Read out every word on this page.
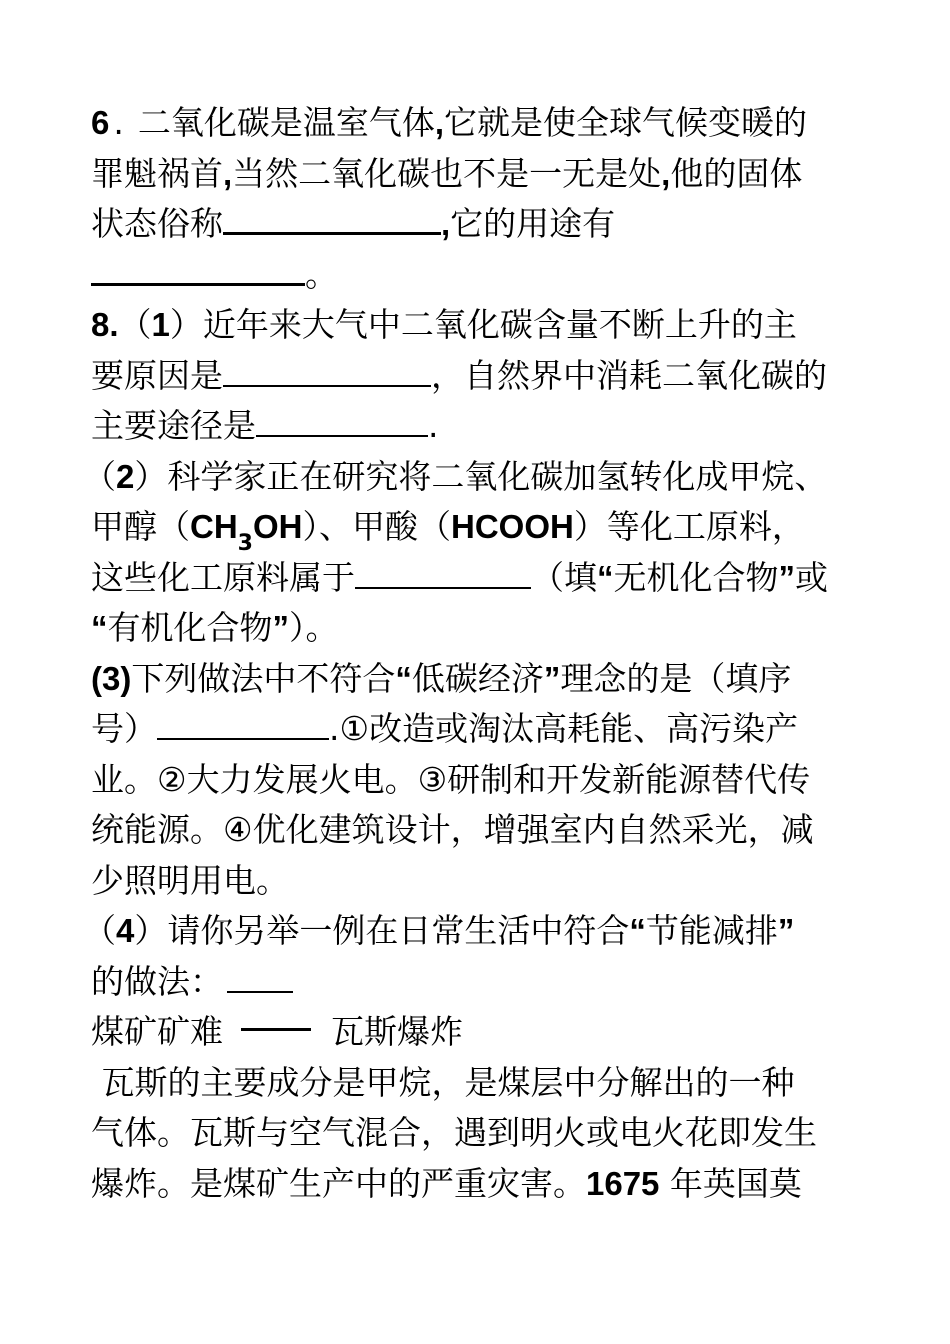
6 . 二氧化碳是温室气体,它就是使全球气候变暖的
罪魁祸首,当然二氧化碳也不是一无是处,他的固体
状态俗称	,它的用途有
。
8.（1）近年来大气中二氧化碳含量不断上升的主
要原因是	，自然界中消耗二氧化碳的
主要途径是	.
（2）科学家正在研究将二氧化碳加氢转化成甲烷、
甲醇$(CH_3OH)$、甲酸（HCOOH）等化工原料，
这些化工原料属于	（填“无机化合物”或
“有机化合物”）。
(3)下列做法中不符合“低碳经济”理念的是（填序
号）	.①改造或淘汰高耗能、高污染产
业。②大力发展火电。③研制和开发新能源替代传
统能源。④优化建筑设计，增强室内自然采光，减
少照明用电。
（4）请你另举一例在日常生活中符合“节能减排”
的做法：
煤矿矿难	瓦斯爆炸
瓦斯的主要成分是甲烷，是煤层中分解出的一种
气体。瓦斯与空气混合，遇到明火或电火花即发生
爆炸。是煤矿生产中的严重灾害。1675 年英国莫
